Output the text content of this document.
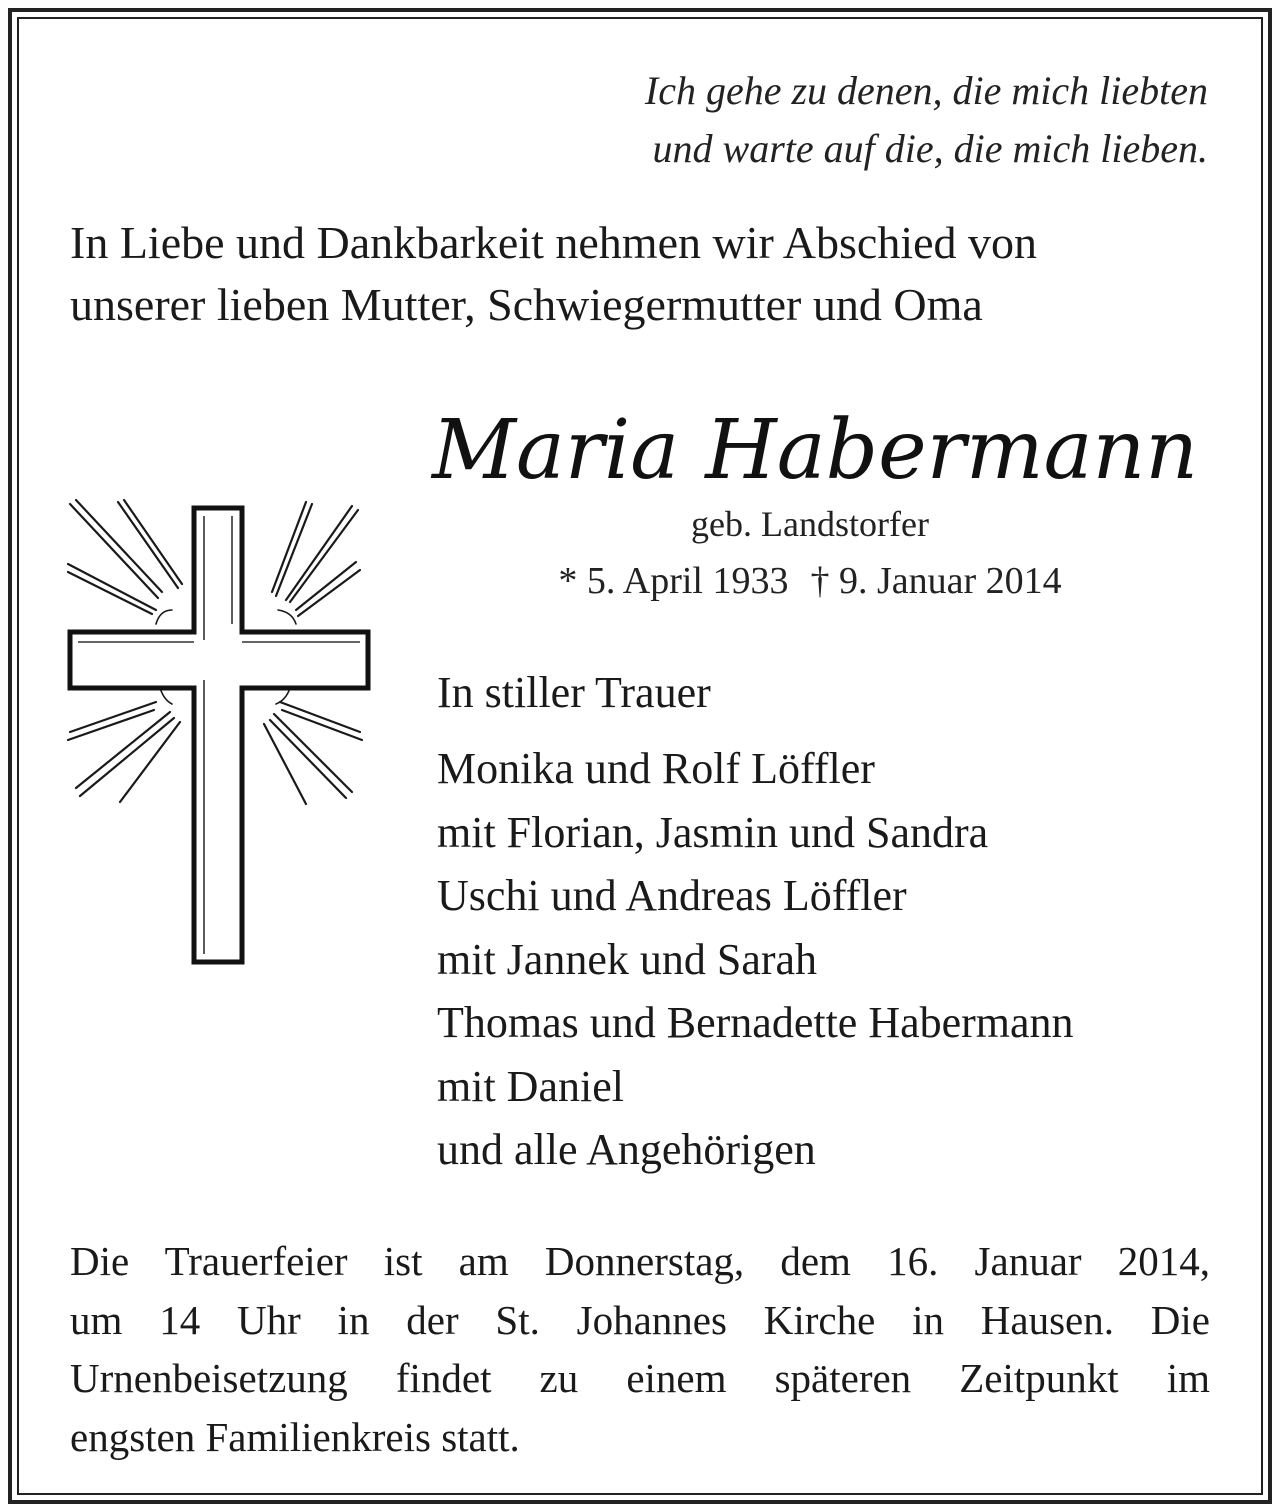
Ich gehe zu denen, die mich liebten
und warte auf die, die mich lieben.
In Liebe und Dankbarkeit nehmen wir Abschied von
unserer lieben Mutter, Schwiegermutter und Oma
Maria Habermann
geb. Landstorfer
* 5. April 1933 † 9. Januar 2014
In stiller Trauer
Monika und Rolf Löffler
mit Florian, Jasmin und Sandra
Uschi und Andreas Löffler
mit Jannek und Sarah
Thomas und Bernadette Habermann
mit Daniel
und alle Angehörigen
Die Trauerfeier ist am Donnerstag, dem 16. Januar 2014,
um 14 Uhr in der St. Johannes Kirche in Hausen. Die
Urnenbeisetzung findet zu einem späteren Zeitpunkt im
engsten Familienkreis statt.
